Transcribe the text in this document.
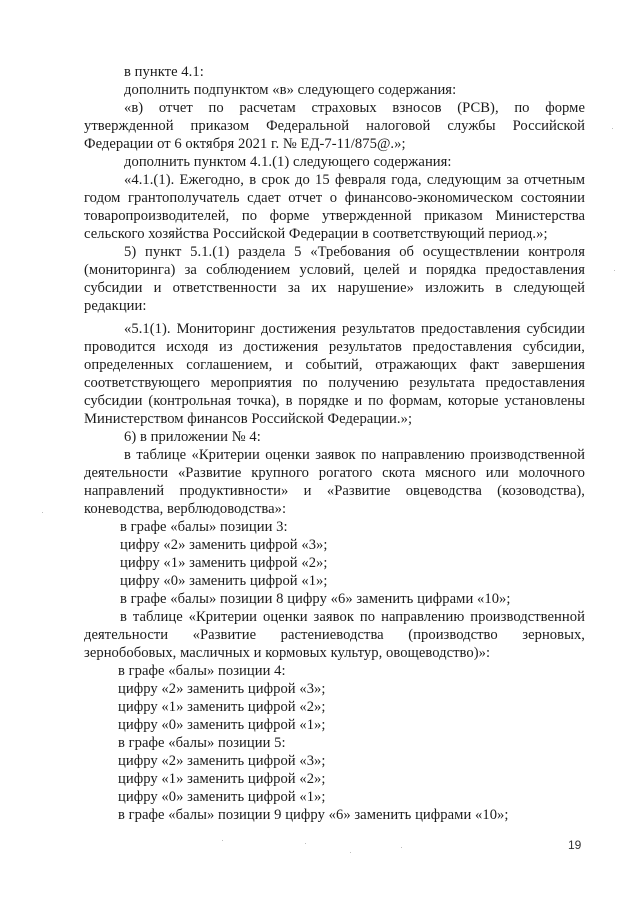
в пункте 4.1:
дополнить подпунктом «в» следующего содержания:
«в) отчет по расчетам страховых взносов (РСВ), по форме
утвержденной приказом Федеральной налоговой службы Российской
Федерации от 6 октября 2021 г. № ЕД-7-11/875@.»;
дополнить пунктом 4.1.(1) следующего содержания:
«4.1.(1). Ежегодно, в срок до 15 февраля года, следующим за отчетным
годом грантополучатель сдает отчет о финансово-экономическом состоянии
товаропроизводителей, по форме утвержденной приказом Министерства
сельского хозяйства Российской Федерации в соответствующий период.»;
5) пункт 5.1.(1) раздела 5 «Требования об осуществлении контроля
(мониторинга) за соблюдением условий, целей и порядка предоставления
субсидии и ответственности за их нарушение» изложить в следующей
редакции:
«5.1(1). Мониторинг достижения результатов предоставления субсидии
проводится исходя из достижения результатов предоставления субсидии,
определенных соглашением, и событий, отражающих факт завершения
соответствующего мероприятия по получению результата предоставления
субсидии (контрольная точка), в порядке и по формам, которые установлены
Министерством финансов Российской Федерации.»;
6) в приложении № 4:
в таблице «Критерии оценки заявок по направлению производственной
деятельности «Развитие крупного рогатого скота мясного или молочного
направлений продуктивности» и «Развитие овцеводства (козоводства),
коневодства, верблюдоводства»:
в графе «балы» позиции 3:
цифру «2» заменить цифрой «3»;
цифру «1» заменить цифрой «2»;
цифру «0» заменить цифрой «1»;
в графе «балы» позиции 8 цифру «6» заменить цифрами «10»;
в таблице «Критерии оценки заявок по направлению производственной
деятельности «Развитие растениеводства (производство зерновых,
зернобобовых, масличных и кормовых культур, овощеводство)»:
в графе «балы» позиции 4:
цифру «2» заменить цифрой «3»;
цифру «1» заменить цифрой «2»;
цифру «0» заменить цифрой «1»;
в графе «балы» позиции 5:
цифру «2» заменить цифрой «3»;
цифру «1» заменить цифрой «2»;
цифру «0» заменить цифрой «1»;
в графе «балы» позиции 9 цифру «6» заменить цифрами «10»;
19
